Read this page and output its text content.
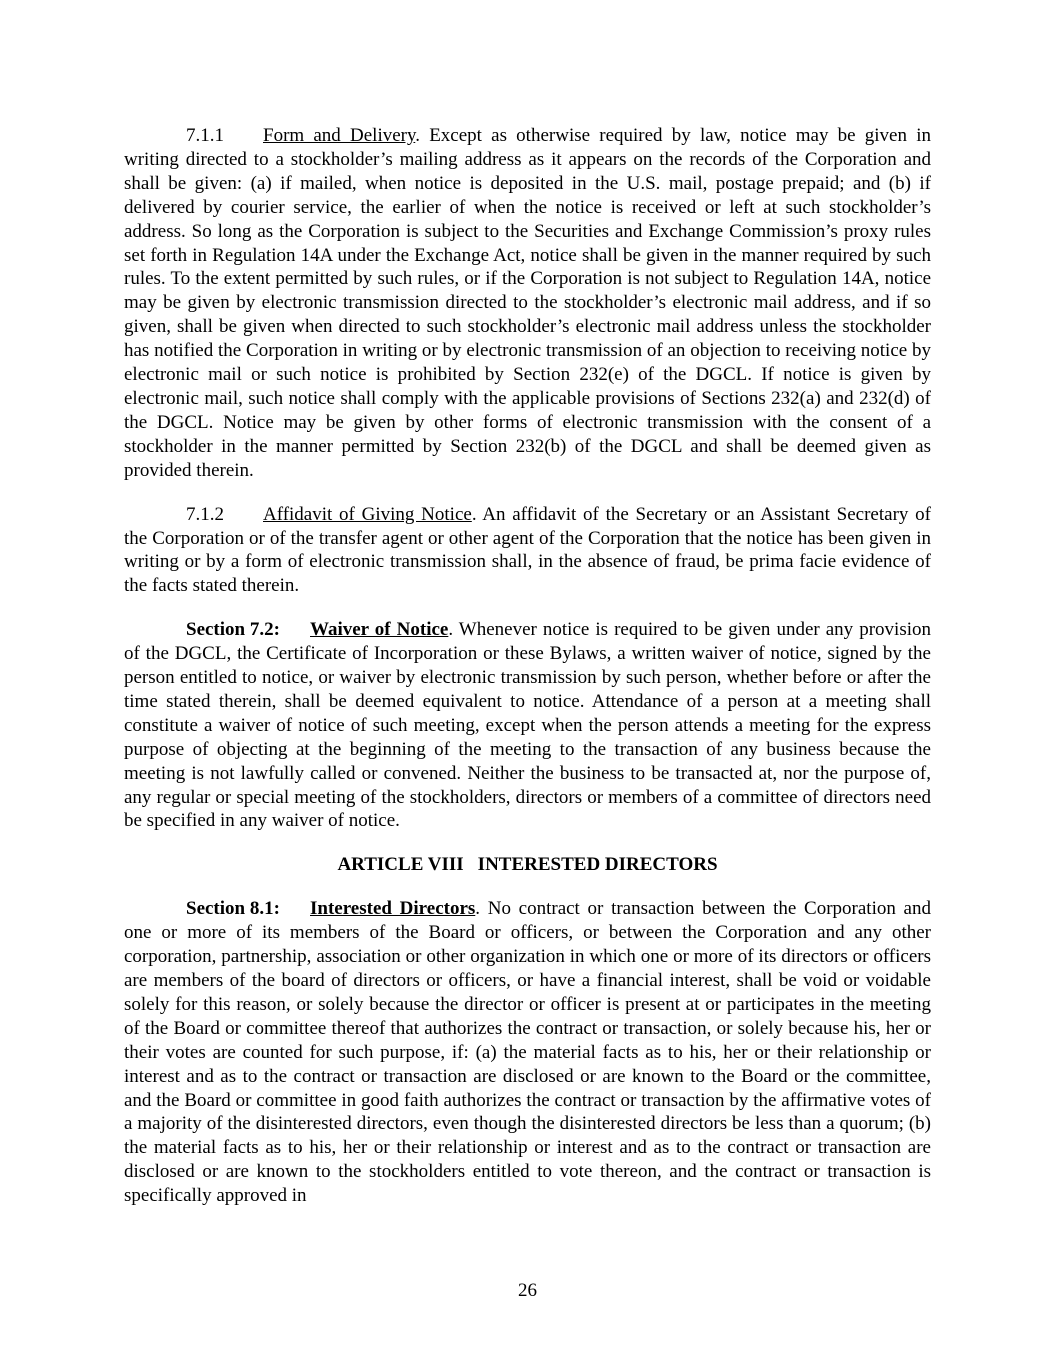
7.1.1 Form and Delivery. Except as otherwise required by law, notice may be given in writing directed to a stockholder’s mailing address as it appears on the records of the Corporation and shall be given: (a) if mailed, when notice is deposited in the U.S. mail, postage prepaid; and (b) if delivered by courier service, the earlier of when the notice is received or left at such stockholder’s address. So long as the Corporation is subject to the Securities and Exchange Commission’s proxy rules set forth in Regulation 14A under the Exchange Act, notice shall be given in the manner required by such rules. To the extent permitted by such rules, or if the Corporation is not subject to Regulation 14A, notice may be given by electronic transmission directed to the stockholder’s electronic mail address, and if so given, shall be given when directed to such stockholder’s electronic mail address unless the stockholder has notified the Corporation in writing or by electronic transmission of an objection to receiving notice by electronic mail or such notice is prohibited by Section 232(e) of the DGCL. If notice is given by electronic mail, such notice shall comply with the applicable provisions of Sections 232(a) and 232(d) of the DGCL. Notice may be given by other forms of electronic transmission with the consent of a stockholder in the manner permitted by Section 232(b) of the DGCL and shall be deemed given as provided therein.

7.1.2 Affidavit of Giving Notice. An affidavit of the Secretary or an Assistant Secretary of the Corporation or of the transfer agent or other agent of the Corporation that the notice has been given in writing or by a form of electronic transmission shall, in the absence of fraud, be prima facie evidence of the facts stated therein.

Section 7.2: Waiver of Notice. Whenever notice is required to be given under any provision of the DGCL, the Certificate of Incorporation or these Bylaws, a written waiver of notice, signed by the person entitled to notice, or waiver by electronic transmission by such person, whether before or after the time stated therein, shall be deemed equivalent to notice. Attendance of a person at a meeting shall constitute a waiver of notice of such meeting, except when the person attends a meeting for the express purpose of objecting at the beginning of the meeting to the transaction of any business because the meeting is not lawfully called or convened. Neither the business to be transacted at, nor the purpose of, any regular or special meeting of the stockholders, directors or members of a committee of directors need be specified in any waiver of notice.

ARTICLE VIII INTERESTED DIRECTORS

Section 8.1: Interested Directors. No contract or transaction between the Corporation and one or more of its members of the Board or officers, or between the Corporation and any other corporation, partnership, association or other organization in which one or more of its directors or officers are members of the board of directors or officers, or have a financial interest, shall be void or voidable solely for this reason, or solely because the director or officer is present at or participates in the meeting of the Board or committee thereof that authorizes the contract or transaction, or solely because his, her or their votes are counted for such purpose, if: (a) the material facts as to his, her or their relationship or interest and as to the contract or transaction are disclosed or are known to the Board or the committee, and the Board or committee in good faith authorizes the contract or transaction by the affirmative votes of a majority of the disinterested directors, even though the disinterested directors be less than a quorum; (b) the material facts as to his, her or their relationship or interest and as to the contract or transaction are disclosed or are known to the stockholders entitled to vote thereon, and the contract or transaction is specifically approved in

26
